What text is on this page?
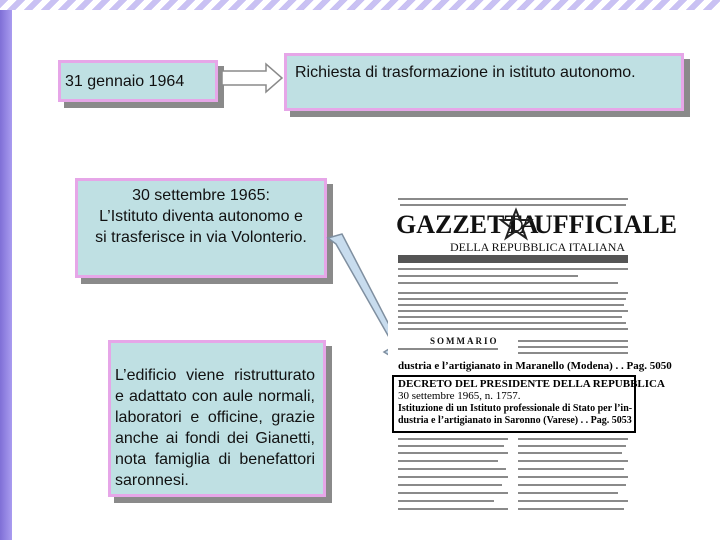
31 gennaio 1964
Richiesta di trasformazione in istituto autonomo.
30 settembre 1965:
L’Istituto diventa autonomo e
si trasferisce in via Volonterio.
L’edificio viene ristrutturato e adattato con aule normali, laboratori e officine, grazie anche ai fondi dei Gianetti, nota famiglia di benefattori saronnesi.
GAZZETTA
UFFICIALE
DELLA REPUBBLICA ITALIANA
SOMMARIO
dustria e l’artigianato in Maranello (Modena) . . Pag. 5050
DECRETO DEL PRESIDENTE DELLA REPUBBLICA
30 settembre 1965, n. 1757.
Istituzione di un Istituto professionale di Stato per l’in-
dustria e l’artigianato in Saronno (Varese) . . Pag. 5053
